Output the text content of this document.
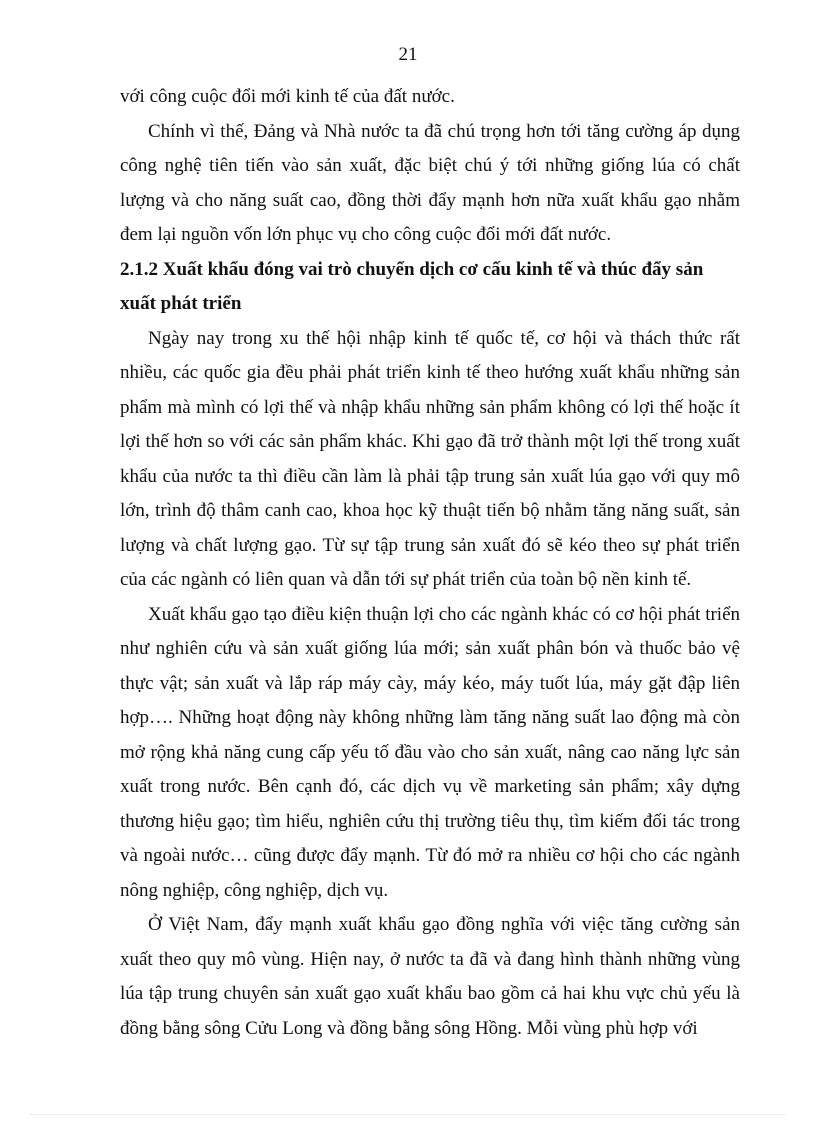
21

với công cuộc đổi mới kinh tế của đất nước.

Chính vì thế, Đảng và Nhà nước ta đã chú trọng hơn tới tăng cường áp dụng công nghệ tiên tiến vào sản xuất, đặc biệt chú ý tới những giống lúa có chất lượng và cho năng suất cao, đồng thời đẩy mạnh hơn nữa xuất khẩu gạo nhằm đem lại nguồn vốn lớn phục vụ cho công cuộc đổi mới đất nước.

2.1.2 Xuất khẩu đóng vai trò chuyển dịch cơ cấu kinh tế và thúc đẩy sản xuất phát triển

Ngày nay trong xu thế hội nhập kinh tế quốc tế, cơ hội và thách thức rất nhiều, các quốc gia đều phải phát triển kinh tế theo hướng xuất khẩu những sản phẩm mà mình có lợi thế và nhập khẩu những sản phẩm không có lợi thế hoặc ít lợi thế hơn so với các sản phẩm khác. Khi gạo đã trở thành một lợi thế trong xuất khẩu của nước ta thì điều cần làm là phải tập trung sản xuất lúa gạo với quy mô lớn, trình độ thâm canh cao, khoa học kỹ thuật tiến bộ nhằm tăng năng suất, sản lượng và chất lượng gạo. Từ sự tập trung sản xuất đó sẽ kéo theo sự phát triển của các ngành có liên quan và dẫn tới sự phát triển của toàn bộ nền kinh tế.

Xuất khẩu gạo tạo điều kiện thuận lợi cho các ngành khác có cơ hội phát triển như nghiên cứu và sản xuất giống lúa mới; sản xuất phân bón và thuốc bảo vệ thực vật; sản xuất và lắp ráp máy cày, máy kéo, máy tuốt lúa, máy gặt đập liên hợp…. Những hoạt động này không những làm tăng năng suất lao động mà còn mở rộng khả năng cung cấp yếu tố đầu vào cho sản xuất, nâng cao năng lực sản xuất trong nước. Bên cạnh đó, các dịch vụ về marketing sản phẩm; xây dựng thương hiệu gạo; tìm hiểu, nghiên cứu thị trường tiêu thụ, tìm kiếm đối tác trong và ngoài nước… cũng được đẩy mạnh. Từ đó mở ra nhiều cơ hội cho các ngành nông nghiệp, công nghiệp, dịch vụ.

Ở Việt Nam, đẩy mạnh xuất khẩu gạo đồng nghĩa với việc tăng cường sản xuất theo quy mô vùng. Hiện nay, ở nước ta đã và đang hình thành những vùng lúa tập trung chuyên sản xuất gạo xuất khẩu bao gồm cả hai khu vực chủ yếu là đồng bằng sông Cửu Long và đồng bằng sông Hồng. Mỗi vùng phù hợp với
